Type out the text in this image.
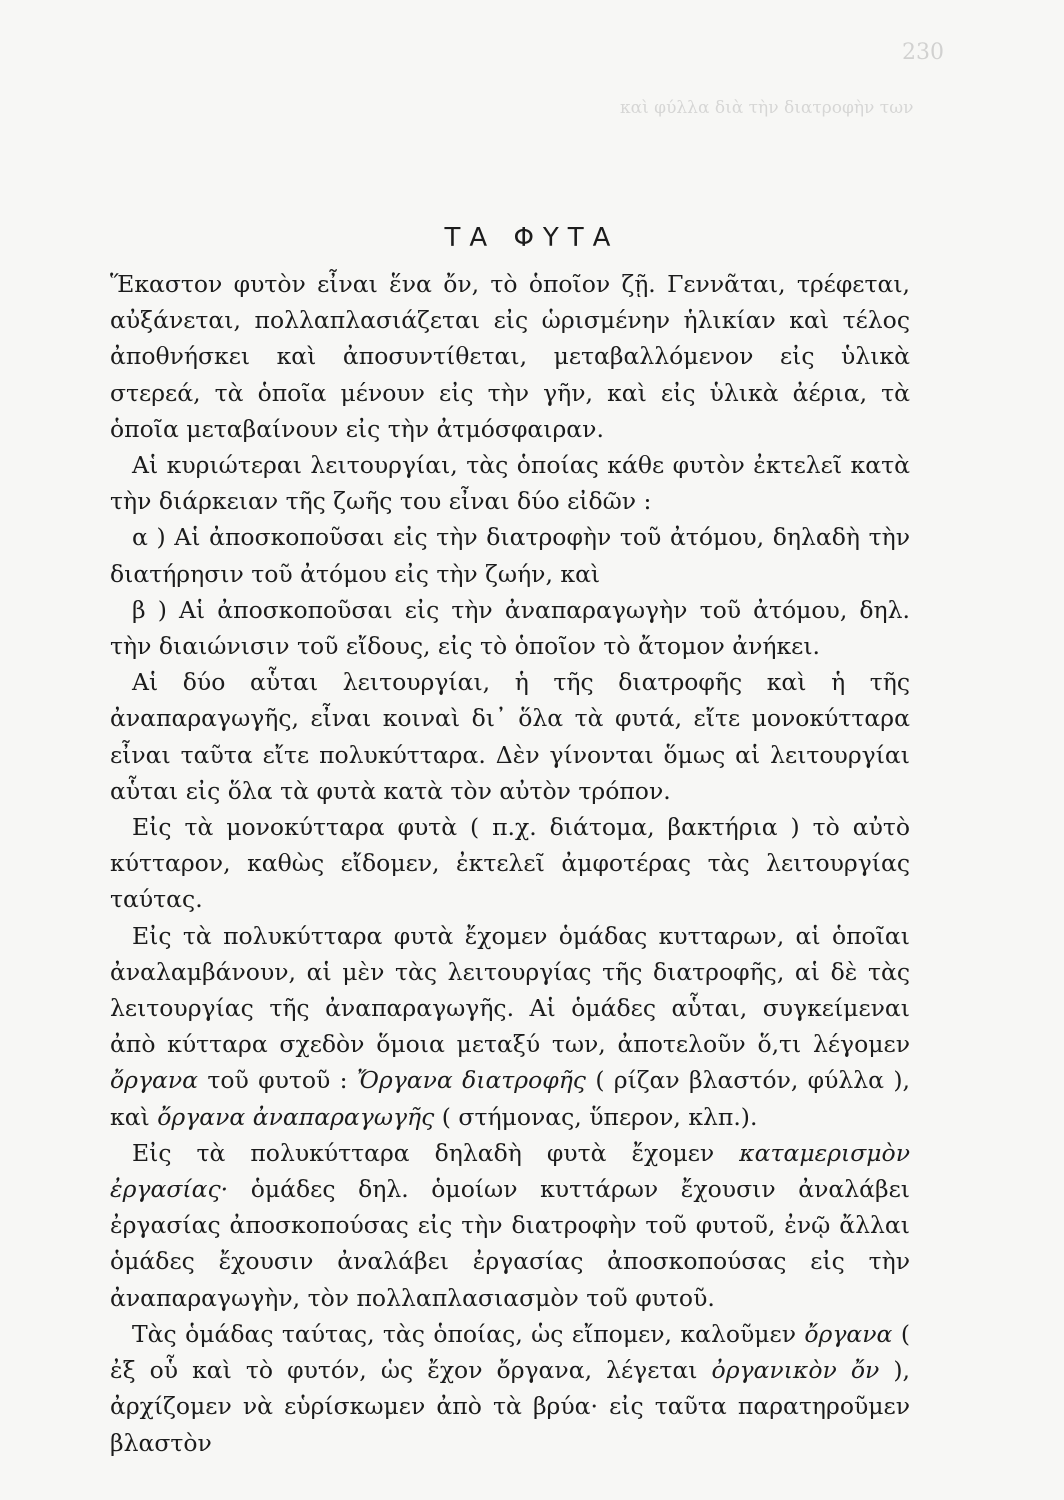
230
καὶ φύλλα διὰ τὴν διατροφὴν των
ΤΑ ΦΥΤΑ

Ἕκαστον φυτὸν εἶναι ἕνα ὄν, τὸ ὁποῖον ζῇ. Γεννᾶται, τρέφεται, αὐξάνεται, πολλαπλασιάζεται εἰς ὡρισμένην ἡλικίαν καὶ τέλος ἀποθνήσκει καὶ ἀποσυντίθεται, μεταβαλλόμενον εἰς ὑλικὰ στερεά, τὰ ὁποῖα μένουν εἰς τὴν γῆν, καὶ εἰς ὑλικὰ ἀέρια, τὰ ὁποῖα μεταβαίνουν εἰς τὴν ἀτμόσφαιραν.

Αἱ κυριώτεραι λειτουργίαι, τὰς ὁποίας κάθε φυτὸν ἐκτελεῖ κατὰ τὴν διάρκειαν τῆς ζωῆς του εἶναι δύο εἰδῶν :

α ) Αἱ ἀποσκοποῦσαι εἰς τὴν διατροφὴν τοῦ ἀτόμου, δηλαδὴ τὴν διατήρησιν τοῦ ἀτόμου εἰς τὴν ζωήν, καὶ

β ) Αἱ ἀποσκοποῦσαι εἰς τὴν ἀναπαραγωγὴν τοῦ ἀτόμου, δηλ. τὴν διαιώνισιν τοῦ εἴδους, εἰς τὸ ὁποῖον τὸ ἄτομον ἀνήκει.

Αἱ δύο αὗται λειτουργίαι, ἡ τῆς διατροφῆς καὶ ἡ τῆς ἀναπαραγωγῆς, εἶναι κοιναὶ δι᾽ ὅλα τὰ φυτά, εἴτε μονοκύτταρα εἶναι ταῦτα εἴτε πολυκύτταρα. Δὲν γίνονται ὅμως αἱ λειτουργίαι αὗται εἰς ὅλα τὰ φυτὰ κατὰ τὸν αὐτὸν τρόπον.

Εἰς τὰ μονοκύτταρα φυτὰ ( π.χ. διάτομα, βακτήρια ) τὸ αὐτὸ κύτταρον, καθὼς εἴδομεν, ἐκτελεῖ ἀμφοτέρας τὰς λειτουργίας ταύτας.

Εἰς τὰ πολυκύτταρα φυτὰ ἔχομεν ὁμάδας κυτταρων, αἱ ὁποῖαι ἀναλαμβάνουν, αἱ μὲν τὰς λειτουργίας τῆς διατροφῆς, αἱ δὲ τὰς λειτουργίας τῆς ἀναπαραγωγῆς. Αἱ ὁμάδες αὗται, συγκείμεναι ἀπὸ κύτταρα σχεδὸν ὅμοια μεταξύ των, ἀποτελοῦν ὅ,τι λέγομεν ὄργανα τοῦ φυτοῦ : Ὄργανα διατροφῆς ( ρίζαν βλαστόν, φύλλα ), καὶ ὄργανα ἀναπαραγωγῆς ( στήμονας, ὕπερον, κλπ.).

Εἰς τὰ πολυκύτταρα δηλαδὴ φυτὰ ἔχομεν καταμερισμὸν ἐργασίας· ὁμάδες δηλ. ὁμοίων κυττάρων ἔχουσιν ἀναλάβει ἐργασίας ἀποσκοπούσας εἰς τὴν διατροφὴν τοῦ φυτοῦ, ἐνῷ ἄλλαι ὁμάδες ἔχουσιν ἀναλάβει ἐργασίας ἀποσκοπούσας εἰς τὴν ἀναπαραγωγὴν, τὸν πολλαπλασιασμὸν τοῦ φυτοῦ.

Τὰς ὁμάδας ταύτας, τὰς ὁποίας, ὡς εἴπομεν, καλοῦμεν ὄργανα ( ἐξ οὗ καὶ τὸ φυτόν, ὡς ἔχον ὄργανα, λέγεται ὀργανικὸν ὄν ), ἀρχίζομεν νὰ εὑρίσκωμεν ἀπὸ τὰ βρύα· εἰς ταῦτα παρατηροῦμεν βλαστὸν
